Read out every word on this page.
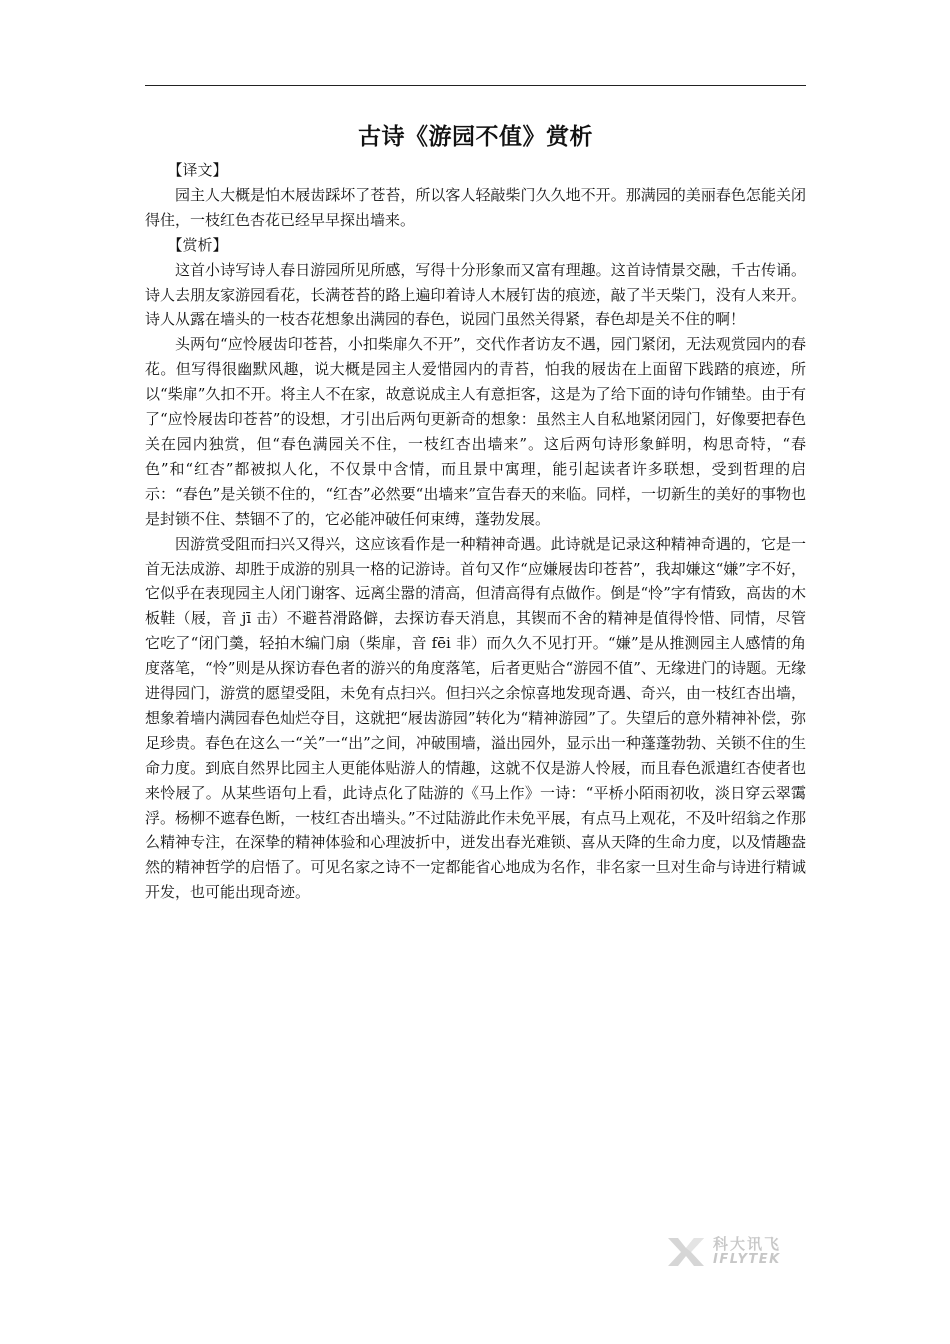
古诗《游园不值》赏析

【译文】

园主人大概是怕木屐齿踩坏了苍苔，所以客人轻敲柴门久久地不开。那满园的美丽春色怎能关闭得住，一枝红色杏花已经早早探出墙来。

【赏析】

这首小诗写诗人春日游园所见所感，写得十分形象而又富有理趣。这首诗情景交融，千古传诵。诗人去朋友家游园看花，长满苍苔的路上遍印着诗人木屐钉齿的痕迹，敲了半天柴门，没有人来开。诗人从露在墙头的一枝杏花想象出满园的春色，说园门虽然关得紧，春色却是关不住的啊！

头两句“应怜屐齿印苍苔，小扣柴扉久不开”，交代作者访友不遇，园门紧闭，无法观赏园内的春花。但写得很幽默风趣，说大概是园主人爱惜园内的青苔，怕我的屐齿在上面留下践踏的痕迹，所以“柴扉”久扣不开。将主人不在家，故意说成主人有意拒客，这是为了给下面的诗句作铺垫。由于有了“应怜屐齿印苍苔”的设想，才引出后两句更新奇的想象：虽然主人自私地紧闭园门，好像要把春色关在园内独赏，但“春色满园关不住，一枝红杏出墙来”。这后两句诗形象鲜明，构思奇特，“春色”和“红杏”都被拟人化，不仅景中含情，而且景中寓理，能引起读者许多联想，受到哲理的启示：“春色”是关锁不住的，“红杏”必然要“出墙来”宣告春天的来临。同样，一切新生的美好的事物也是封锁不住、禁锢不了的，它必能冲破任何束缚，蓬勃发展。

因游赏受阻而扫兴又得兴，这应该看作是一种精神奇遇。此诗就是记录这种精神奇遇的，它是一首无法成游、却胜于成游的别具一格的记游诗。首句又作“应嫌屐齿印苍苔”，我却嫌这“嫌”字不好，它似乎在表现园主人闭门谢客、远离尘嚣的清高，但清高得有点做作。倒是“怜”字有情致，高齿的木板鞋（屐，音 jī 击）不避苔滑路僻，去探访春天消息，其锲而不舍的精神是值得怜惜、同情，尽管它吃了“闭门羹，轻拍木编门扇（柴扉，音 fēi 非）而久久不见打开。“嫌”是从推测园主人感情的角度落笔，“怜”则是从探访春色者的游兴的角度落笔，后者更贴合“游园不值”、无缘进门的诗题。无缘进得园门，游赏的愿望受阻，未免有点扫兴。但扫兴之余惊喜地发现奇遇、奇兴，由一枝红杏出墙，想象着墙内满园春色灿烂夺目，这就把“屐齿游园”转化为“精神游园”了。失望后的意外精神补偿，弥足珍贵。春色在这么一“关”一“出”之间，冲破围墙，溢出园外，显示出一种蓬蓬勃勃、关锁不住的生命力度。到底自然界比园主人更能体贴游人的情趣，这就不仅是游人怜屐，而且春色派遣红杏使者也来怜屐了。从某些语句上看，此诗点化了陆游的《马上作》一诗：“平桥小陌雨初收，淡日穿云翠霭浮。杨柳不遮春色断，一枝红杏出墙头。”不过陆游此作未免平展，有点马上观花，不及叶绍翁之作那么精神专注，在深挚的精神体验和心理波折中，迸发出春光难锁、喜从天降的生命力度，以及情趣盎然的精神哲学的启悟了。可见名家之诗不一定都能省心地成为名作，非名家一旦对生命与诗进行精诚开发，也可能出现奇迹。

科大讯飞
IFLYTEK
